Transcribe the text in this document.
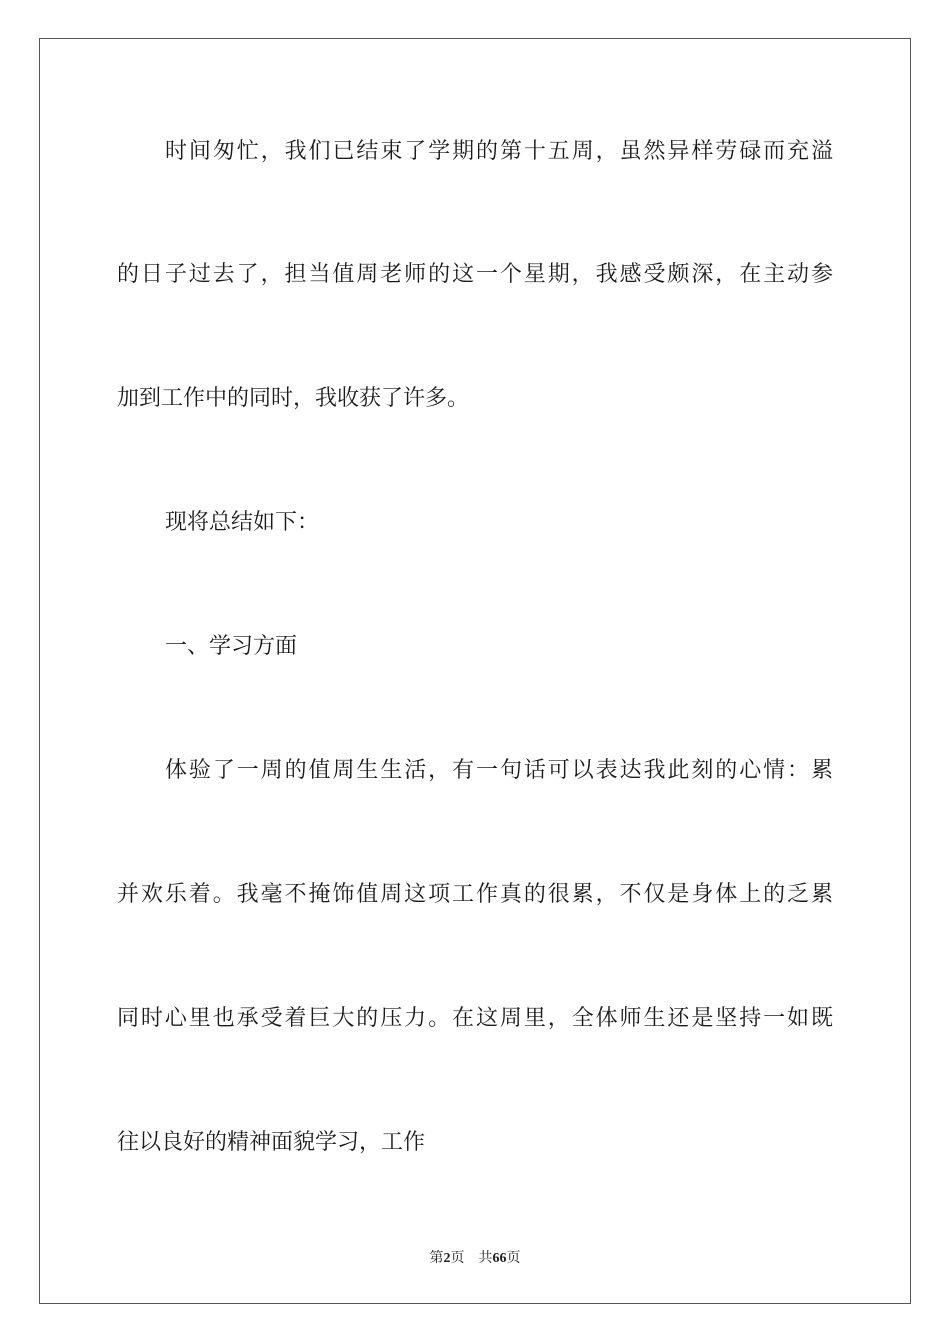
时间匆忙，我们已结束了学期的第十五周，虽然异样劳碌而充溢
的日子过去了，担当值周老师的这一个星期，我感受颇深，在主动参
加到工作中的同时，我收获了许多。
现将总结如下：
一、学习方面
体验了一周的值周生生活，有一句话可以表达我此刻的心情：累
并欢乐着。我毫不掩饰值周这项工作真的很累，不仅是身体上的乏累
同时心里也承受着巨大的压力。在这周里，全体师生还是坚持一如既
往以良好的精神面貌学习，工作
第2页 共66页
